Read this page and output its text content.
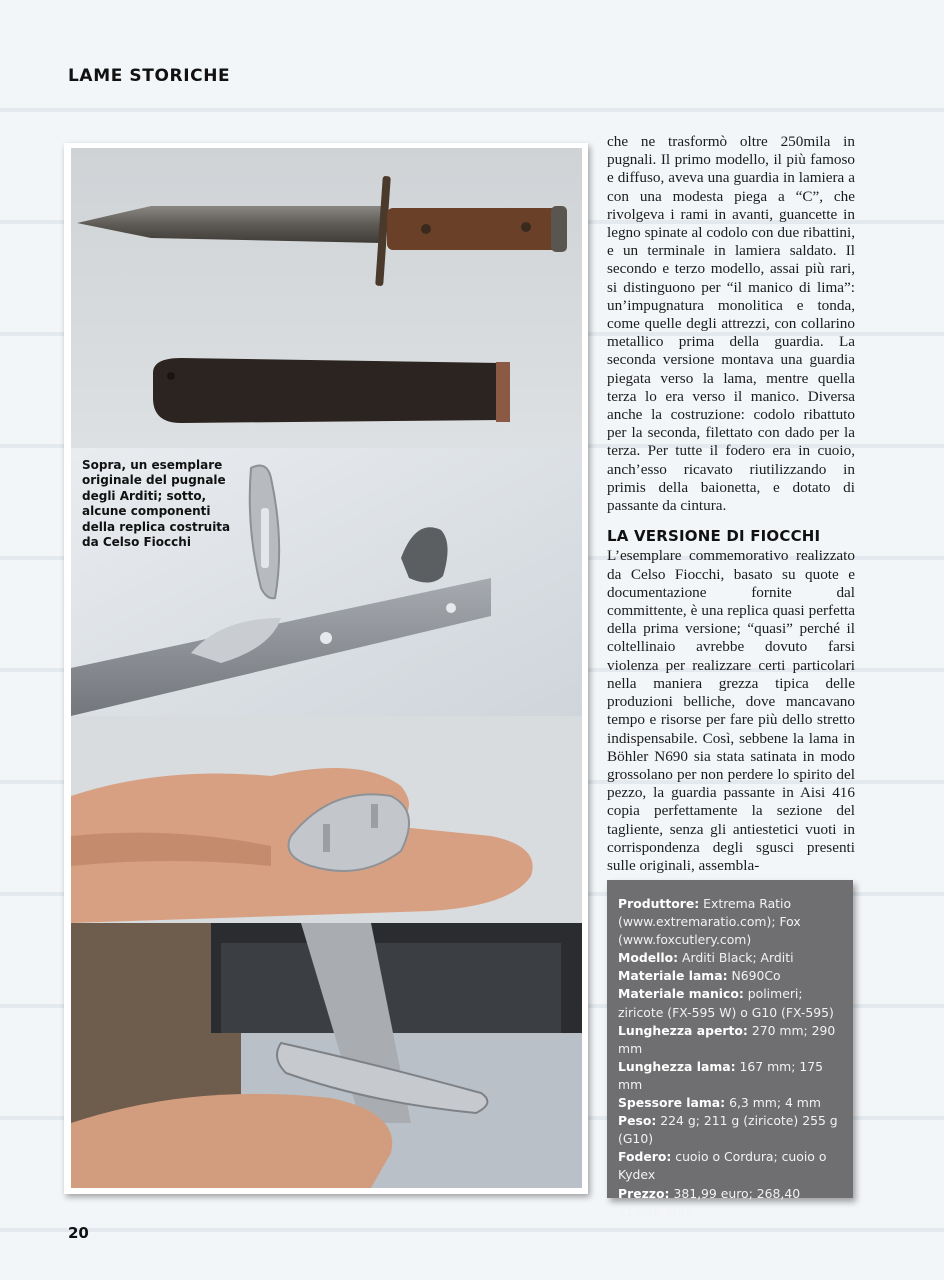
LAME STORICHE
Sopra, un esemplare originale del pugnale degli Arditi; sotto, alcune componenti della replica costruita da Celso Fiocchi

che ne trasformò oltre 250mila in pugnali. Il primo modello, il più famoso e diffuso, aveva una guardia in lamiera a con una modesta piega a “C”, che rivolgeva i rami in avanti, guancette in legno spinate al codolo con due ribattini, e un terminale in lamiera saldato. Il secondo e terzo modello, assai più rari, si distinguono per “il manico di lima”: un’impugnatura monolitica e tonda, come quelle degli attrezzi, con collarino metallico prima della guardia. La seconda versione montava una guardia piegata verso la lama, mentre quella terza lo era verso il manico. Diversa anche la costruzione: codolo ribattuto per la seconda, filettato con dado per la terza. Per tutte il fodero era in cuoio, anch’esso ricavato riutilizzando in primis della baionetta, e dotato di passante da cintura.

LA VERSIONE DI FIOCCHI

L’esemplare commemorativo realizzato da Celso Fiocchi, basato su quote e documentazione fornite dal committente, è una replica quasi perfetta della prima versione; “quasi” perché il coltellinaio avrebbe dovuto farsi violenza per realizzare certi particolari nella maniera grezza tipica delle produzioni belliche, dove mancavano tempo e risorse per fare più dello stretto indispensabile. Così, sebbene la lama in Böhler N690 sia stata satinata in modo grossolano per non perdere lo spirito del pezzo, la guardia passante in Aisi 416 copia perfettamente la sezione del tagliente, senza gli antiestetici vuoti in corrispondenza degli sgusci presenti sulle originali, assembla-

Produttore: Extrema Ratio (www.extremaratio.com); Fox (www.foxcutlery.com)
Modello: Arditi Black; Arditi
Materiale lama: N690Co
Materiale manico: polimeri; ziricote (FX-595 W) o G10 (FX-595)
Lunghezza aperto: 270 mm; 290 mm
Lunghezza lama: 167 mm; 175 mm
Spessore lama: 6,3 mm; 4 mm
Peso: 224 g; 211 g (ziricote) 255 g (G10)
Fodero: cuoio o Cordura; cuoio o Kydex
Prezzo: 381,99 euro; 268,40 217,16 euro
20
